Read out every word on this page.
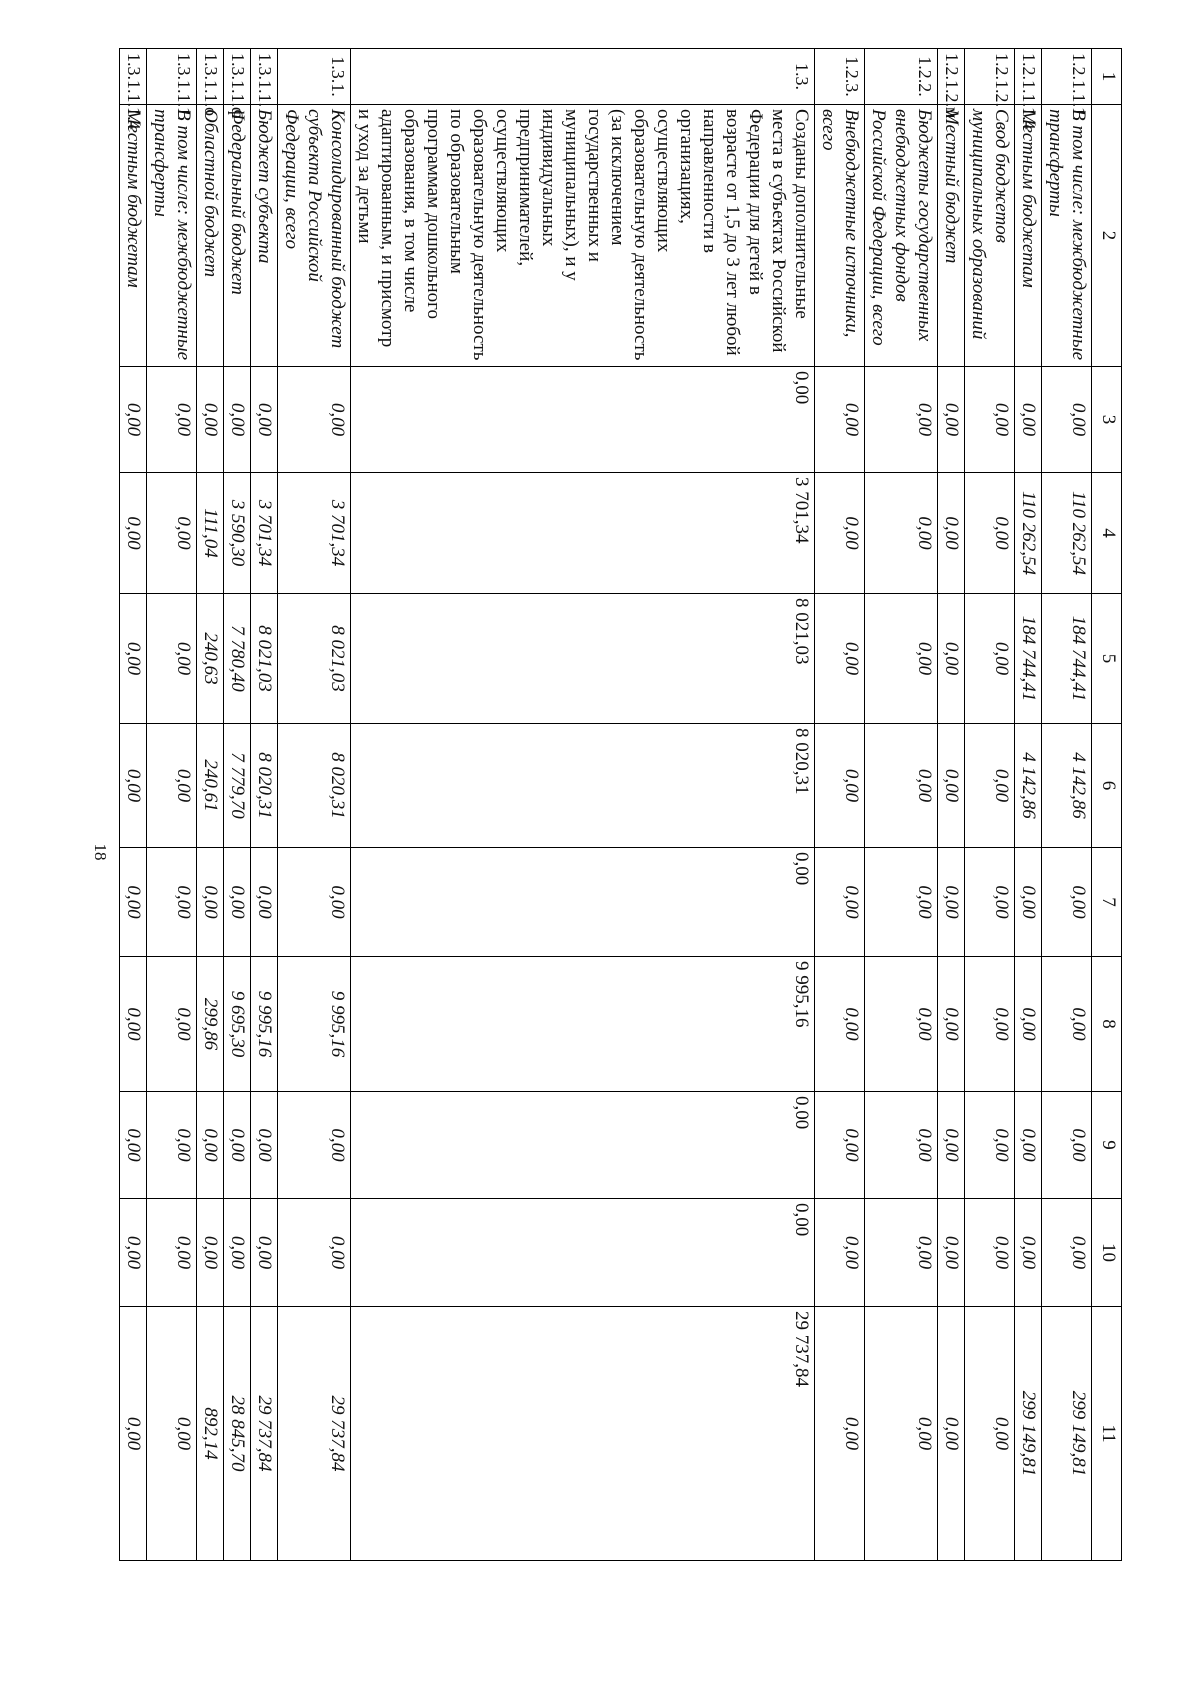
18
1	2	3	4	5	6	7	8	9	10	11
1.2.1.1.1.	В том числе: межбюджетные трансферты	0,00	110 262,54	184 744,41	4 142,86	0,00	0,00	0,00	0,00	299 149,81
1.2.1.1.1.4	Местным бюджетам	0,00	110 262,54	184 744,41	4 142,86	0,00	0,00	0,00	0,00	299 149,81
1.2.1.2.	Свод бюджетов муниципальных образований	0,00	0,00	0,00	0,00	0,00	0,00	0,00	0,00	0,00
1.2.1.2.м	Местный бюджет	0,00	0,00	0,00	0,00	0,00	0,00	0,00	0,00	0,00
1.2.2.	Бюджеты государственных внебюджетных фондов Российской Федерации, всего	0,00	0,00	0,00	0,00	0,00	0,00	0,00	0,00	0,00
1.2.3.	Внебюджетные источники, всего	0,00	0,00	0,00	0,00	0,00	0,00	0,00	0,00	0,00
1.3.	Созданы дополнительные места в субъектах Российской Федерации для детей в возрасте от 1,5 до 3 лет любой направленности в организациях, осуществляющих образовательную деятельность (за исключением государственных и муниципальных), и у индивидуальных предпринимателей, осуществляющих образовательную деятельность по образовательным программам дошкольного образования, в том числе адаптированным, и присмотр и уход за детьми	0,00	3 701,34	8 021,03	8 020,31	0,00	9 995,16	0,00	0,00	29 737,84
1.3.1.	Консолидированный бюджет субъекта Российской Федерации, всего	0,00	3 701,34	8 021,03	8 020,31	0,00	9 995,16	0,00	0,00	29 737,84
1.3.1.1.	Бюджет субъекта	0,00	3 701,34	8 021,03	8 020,31	0,00	9 995,16	0,00	0,00	29 737,84
1.3.1.1.ф	Федеральный бюджет	0,00	3 590,30	7 780,40	7 779,70	0,00	9 695,30	0,00	0,00	28 845,70
1.3.1.1.о	Областной бюджет	0,00	111,04	240,63	240,61	0,00	299,86	0,00	0,00	892,14
1.3.1.1.1.	В том числе: межбюджетные трансферты	0,00	0,00	0,00	0,00	0,00	0,00	0,00	0,00	0,00
1.3.1.1.1.4	Местным бюджетам	0,00	0,00	0,00	0,00	0,00	0,00	0,00	0,00	0,00
